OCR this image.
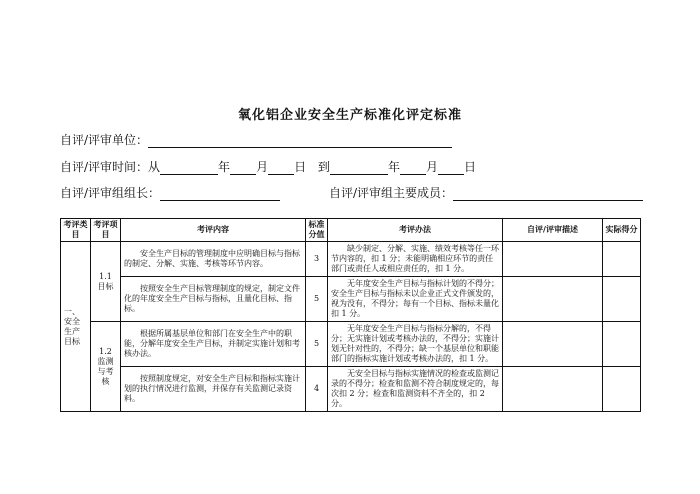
氧化铝企业安全生产标准化评定标准
自评/评审单位：
自评/评审时间：从	年 月 日 到	年 月 日
自评/评审组组长：	自评/评审组主要成员：
考评类目	考评项目	考评内容	标准分值	考评办法	自评/评审描述	实际得分
一、安全生产目标	1.1 目标	安全生产目标的管理制度中应明确目标与指标的制定、分解、实施、考核等环节内容。	3	缺少制定、分解、实施、绩效考核等任一环节内容的，扣 1 分；未能明确相应环节的责任部门或责任人或相应责任的，扣 1 分。		
		按照安全生产目标管理制度的规定，制定文件化的年度安全生产目标与指标，且量化目标、指标。	5	无年度安全生产目标与指标计划的不得分；安全生产目标与指标未以企业正式文件颁发的，视为没有，不得分；每有一个目标、指标未量化扣 1 分。		
	1.2 监测与考核	根据所属基层单位和部门在安全生产中的职能，分解年度安全生产目标，并制定实施计划和考核办法。	5	无年度安全生产目标与指标分解的，不得分；无实施计划或考核办法的，不得分；实施计划无针对性的，不得分；缺一个基层单位和职能部门的指标实施计划或考核办法的，扣 1 分。		
		按照制度规定，对安全生产目标和指标实施计划的执行情况进行监测，并保存有关监测记录资料。	4	无安全目标与指标实施情况的检查或监测记录的不得分；检查和监测不符合制度规定的，每次扣 2 分；检查和监测资料不齐全的，扣 2 分。		
